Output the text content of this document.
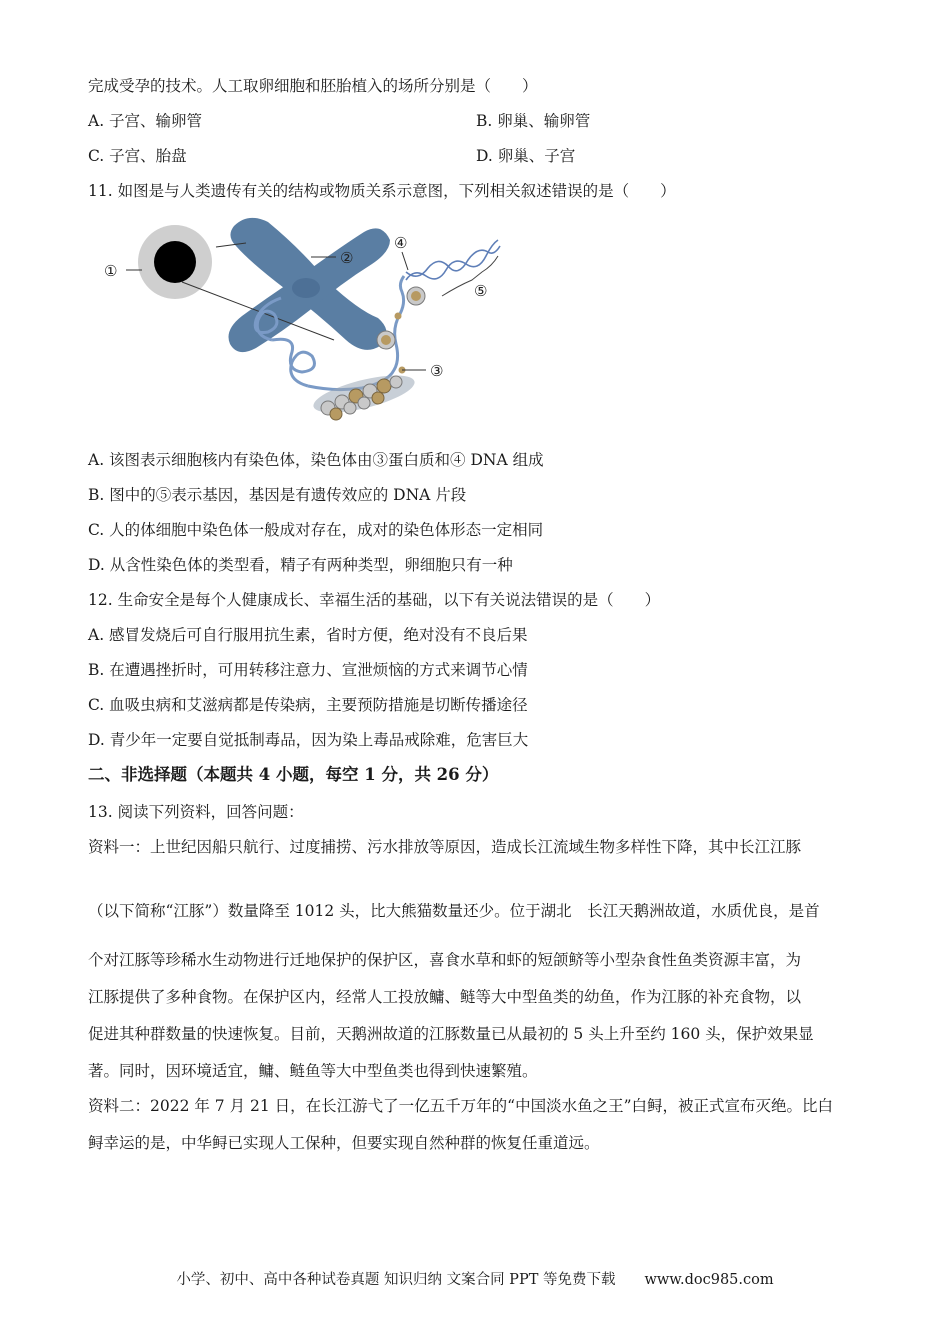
完成受孕的技术。人工取卵细胞和胚胎植入的场所分别是（　　）
A. 子宫、输卵管	B. 卵巢、输卵管
C. 子宫、胎盘	D. 卵巢、子宫
11. 如图是与人类遗传有关的结构或物质关系示意图，下列相关叙述错误的是（　　）
①
②
④
⑤
③
A. 该图表示细胞核内有染色体，染色体由③蛋白质和④ DNA 组成
B. 图中的⑤表示基因，基因是有遗传效应的 DNA 片段
C. 人的体细胞中染色体一般成对存在，成对的染色体形态一定相同
D. 从含性染色体的类型看，精子有两种类型，卵细胞只有一种
12. 生命安全是每个人健康成长、幸福生活的基础，以下有关说法错误的是（　　）
A. 感冒发烧后可自行服用抗生素，省时方便，绝对没有不良后果
B. 在遭遇挫折时，可用转移注意力、宣泄烦恼的方式来调节心情
C. 血吸虫病和艾滋病都是传染病，主要预防措施是切断传播途径
D. 青少年一定要自觉抵制毒品，因为染上毒品戒除难，危害巨大
二、非选择题（本题共 4 小题，每空 1 分，共 26 分）
13. 阅读下列资料，回答问题：
资料一：上世纪因船只航行、过度捕捞、污水排放等原因，造成长江流域生物多样性下降，其中长江江豚
（以下简称“江豚”）数量降至 1012 头，比大熊猫数量还少。位于湖北　长江天鹅洲故道，水质优良，是首
个对江豚等珍稀水生动物进行迁地保护的保护区，喜食水草和虾的短颌鲚等小型杂食性鱼类资源丰富，为
江豚提供了多种食物。在保护区内，经常人工投放鳙、鲢等大中型鱼类的幼鱼，作为江豚的补充食物，以
促进其种群数量的快速恢复。目前，天鹅洲故道的江豚数量已从最初的 5 头上升至约 160 头，保护效果显
著。同时，因环境适宜，鳙、鲢鱼等大中型鱼类也得到快速繁殖。
资料二：2022 年 7 月 21 日，在长江游弋了一亿五千万年的“中国淡水鱼之王”白鲟，被正式宣布灭绝。比白
鲟幸运的是，中华鲟已实现人工保种，但要实现自然种群的恢复任重道远。
小学、初中、高中各种试卷真题 知识归纳 文案合同 PPT 等免费下载　　www.doc985.com
